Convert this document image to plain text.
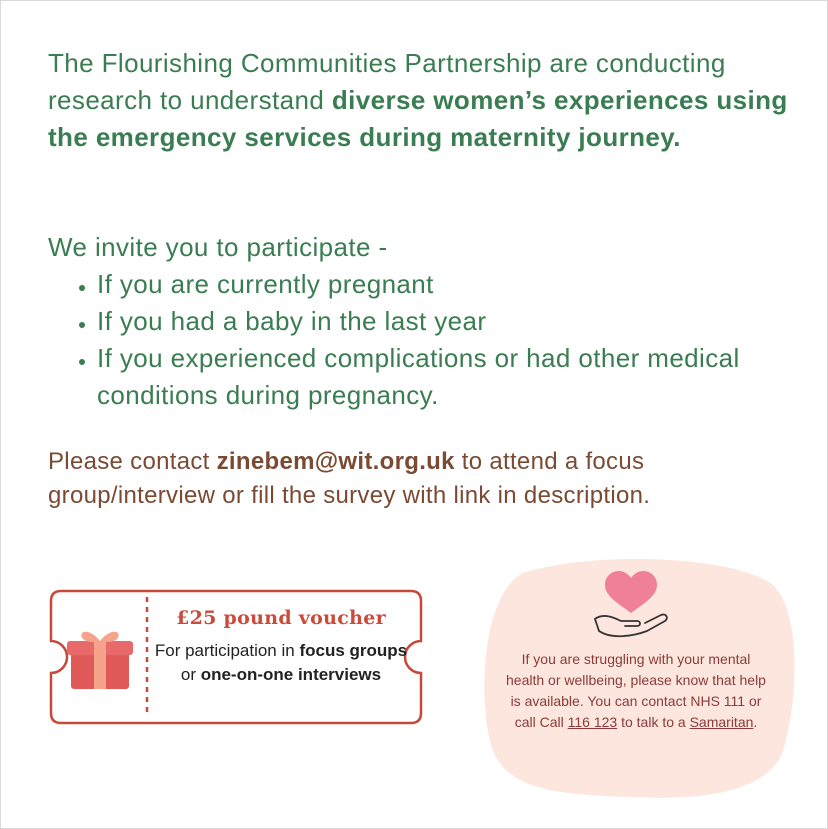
The Flourishing Communities Partnership are conducting research to understand diverse women’s experiences using the emergency services during maternity journey.
We invite you to participate -
• If you are currently pregnant
• If you had a baby in the last year
• If you experienced complications or had other medical conditions during pregnancy.
Please contact zinebem@wit.org.uk to attend a focus group/interview or fill the survey with link in description.
£25 pound voucher
For participation in focus groups or one-on-one interviews
If you are struggling with your mental health or wellbeing, please know that help is available. You can contact NHS 111 or call Call 116 123 to talk to a Samaritan.
